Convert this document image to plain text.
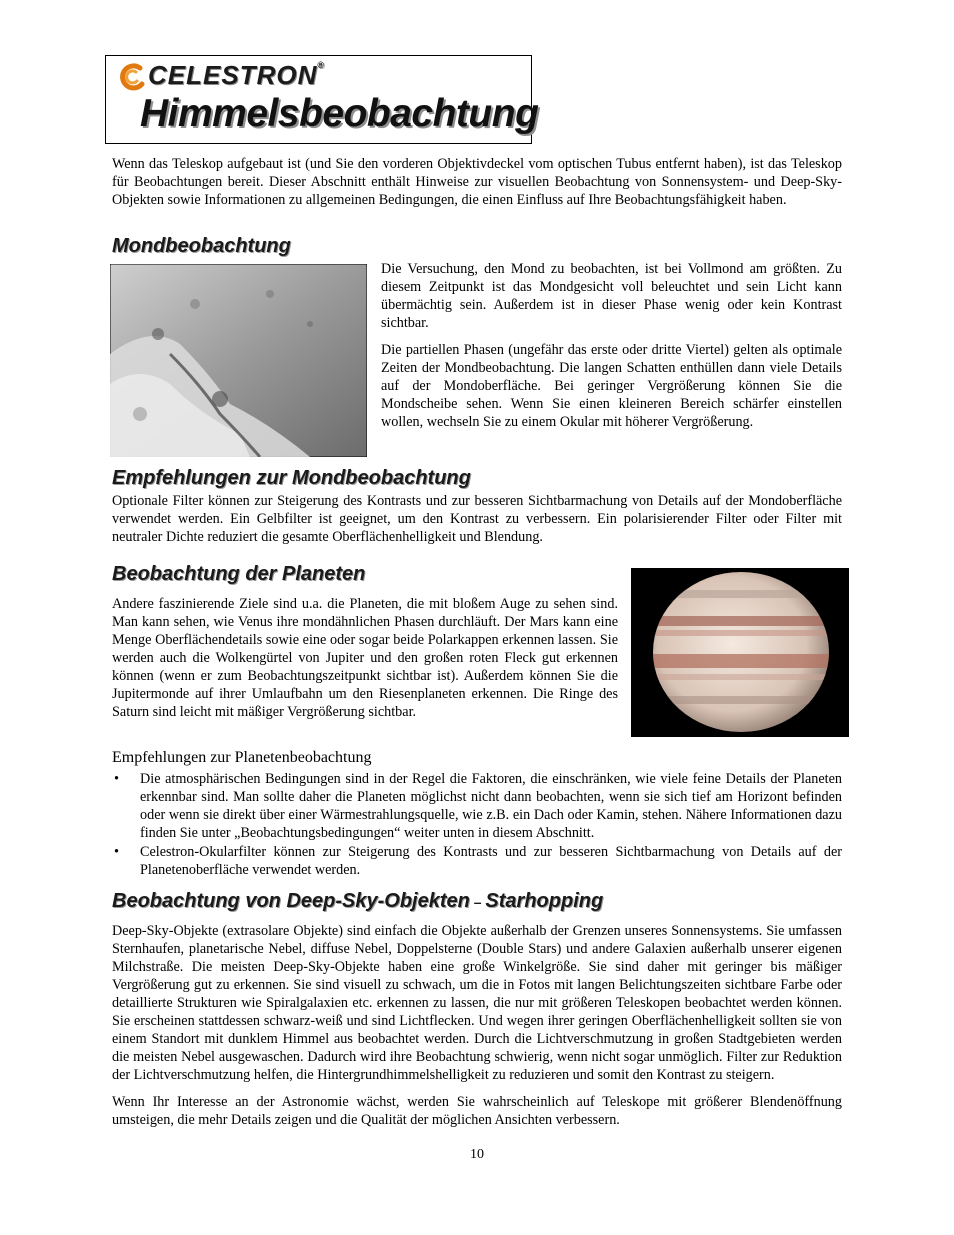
CELESTRON®
Himmelsbeobachtung
Wenn das Teleskop aufgebaut ist (und Sie den vorderen Objektivdeckel vom optischen Tubus entfernt haben), ist das Teleskop für Beobachtungen bereit. Dieser Abschnitt enthält Hinweise zur visuellen Beobachtung von Sonnensystem- und Deep-Sky-Objekten sowie Informationen zu allgemeinen Bedingungen, die einen Einfluss auf Ihre Beobachtungsfähigkeit haben.
Mondbeobachtung

Die Versuchung, den Mond zu beobachten, ist bei Vollmond am größten. Zu diesem Zeitpunkt ist das Mondgesicht voll beleuchtet und sein Licht kann übermächtig sein. Außerdem ist in dieser Phase wenig oder kein Kontrast sichtbar.

Die partiellen Phasen (ungefähr das erste oder dritte Viertel) gelten als optimale Zeiten der Mondbeobachtung. Die langen Schatten enthüllen dann viele Details auf der Mondoberfläche. Bei geringer Vergrößerung können Sie die Mondscheibe sehen. Wenn Sie einen kleineren Bereich schärfer einstellen wollen, wechseln Sie zu einem Okular mit höherer Vergrößerung.

Empfehlungen zur Mondbeobachtung
Optionale Filter können zur Steigerung des Kontrasts und zur besseren Sichtbarmachung von Details auf der Mondoberfläche verwendet werden. Ein Gelbfilter ist geeignet, um den Kontrast zu verbessern. Ein polarisierender Filter oder Filter mit neutraler Dichte reduziert die gesamte Oberflächenhelligkeit und Blendung.
Beobachtung der Planeten
Andere faszinierende Ziele sind u.a. die Planeten, die mit bloßem Auge zu sehen sind. Man kann sehen, wie Venus ihre mondähnlichen Phasen durchläuft. Der Mars kann eine Menge Oberflächendetails sowie eine oder sogar beide Polarkappen erkennen lassen. Sie werden auch die Wolkengürtel von Jupiter und den großen roten Fleck gut erkennen können (wenn er zum Beobachtungszeitpunkt sichtbar ist). Außerdem können Sie die Jupitermonde auf ihrer Umlaufbahn um den Riesenplaneten erkennen. Die Ringe des Saturn sind leicht mit mäßiger Vergrößerung sichtbar.
Empfehlungen zur Planetenbeobachtung
• Die atmosphärischen Bedingungen sind in der Regel die Faktoren, die einschränken, wie viele feine Details der Planeten erkennbar sind. Man sollte daher die Planeten möglichst nicht dann beobachten, wenn sie sich tief am Horizont befinden oder wenn sie direkt über einer Wärmestrahlungsquelle, wie z.B. ein Dach oder Kamin, stehen. Nähere Informationen dazu finden Sie unter „Beobachtungsbedingungen“ weiter unten in diesem Abschnitt.
• Celestron-Okularfilter können zur Steigerung des Kontrasts und zur besseren Sichtbarmachung von Details auf der Planetenoberfläche verwendet werden.
Beobachtung von Deep-Sky-Objekten – Starhopping

Deep-Sky-Objekte (extrasolare Objekte) sind einfach die Objekte außerhalb der Grenzen unseres Sonnensystems. Sie umfassen Sternhaufen, planetarische Nebel, diffuse Nebel, Doppelsterne (Double Stars) und andere Galaxien außerhalb unserer eigenen Milchstraße. Die meisten Deep-Sky-Objekte haben eine große Winkelgröße. Sie sind daher mit geringer bis mäßiger Vergrößerung gut zu erkennen. Sie sind visuell zu schwach, um die in Fotos mit langen Belichtungszeiten sichtbare Farbe oder detaillierte Strukturen wie Spiralgalaxien etc. erkennen zu lassen, die nur mit größeren Teleskopen beobachtet werden können. Sie erscheinen stattdessen schwarz-weiß und sind Lichtflecken. Und wegen ihrer geringen Oberflächenhelligkeit sollten sie von einem Standort mit dunklem Himmel aus beobachtet werden. Durch die Lichtverschmutzung in großen Stadtgebieten werden die meisten Nebel ausgewaschen. Dadurch wird ihre Beobachtung schwierig, wenn nicht sogar unmöglich. Filter zur Reduktion der Lichtverschmutzung helfen, die Hintergrundhimmelshelligkeit zu reduzieren und somit den Kontrast zu steigern.

Wenn Ihr Interesse an der Astronomie wächst, werden Sie wahrscheinlich auf Teleskope mit größerer Blendenöffnung umsteigen, die mehr Details zeigen und die Qualität der möglichen Ansichten verbessern.

10
